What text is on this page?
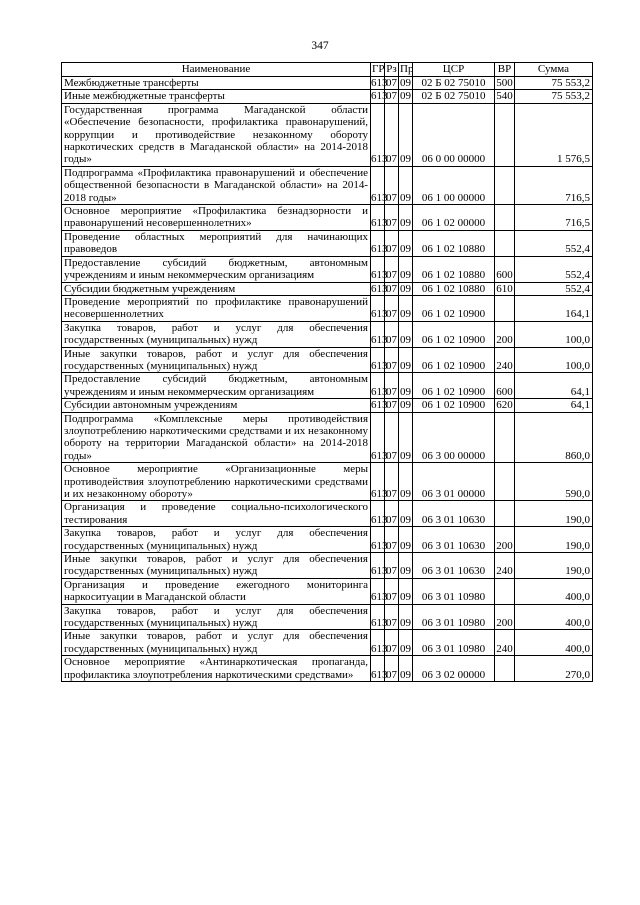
347
Наименование	ГР	Рз	Пр	ЦСР	ВР	Сумма
Межбюджетные трансферты	613	07	09	02 Б 02 75010	500	75 553,2
Иные межбюджетные трансферты	613	07	09	02 Б 02 75010	540	75 553,2
Государственная программа Магаданской области «Обеспечение безопасности, профилактика правонарушений, коррупции и противодействие незаконному обороту наркотических средств в Магаданской области» на 2014-2018 годы»	613	07	09	06 0 00 00000		1 576,5
Подпрограмма «Профилактика правонарушений и обеспечение общественной безопасности в Магаданской области» на 2014-2018 годы»	613	07	09	06 1 00 00000		716,5
Основное мероприятие «Профилактика безнадзорности и правонарушений несовершеннолетних»	613	07	09	06 1 02 00000		716,5
Проведение областных мероприятий для начинающих правоведов	613	07	09	06 1 02 10880		552,4
Предоставление субсидий бюджетным, автономным учреждениям и иным некоммерческим организациям	613	07	09	06 1 02 10880	600	552,4
Субсидии бюджетным учреждениям	613	07	09	06 1 02 10880	610	552,4
Проведение мероприятий по профилактике правонарушений несовершеннолетних	613	07	09	06 1 02 10900		164,1
Закупка товаров, работ и услуг для обеспечения государственных (муниципальных) нужд	613	07	09	06 1 02 10900	200	100,0
Иные закупки товаров, работ и услуг для обеспечения государственных (муниципальных) нужд	613	07	09	06 1 02 10900	240	100,0
Предоставление субсидий бюджетным, автономным учреждениям и иным некоммерческим организациям	613	07	09	06 1 02 10900	600	64,1
Субсидии автономным учреждениям	613	07	09	06 1 02 10900	620	64,1
Подпрограмма «Комплексные меры противодействия злоупотреблению наркотическими средствами и их незаконному обороту на территории Магаданской области» на 2014-2018 годы»	613	07	09	06 3 00 00000		860,0
Основное мероприятие «Организационные меры противодействия злоупотреблению наркотическими средствами и их незаконному обороту»	613	07	09	06 3 01 00000		590,0
Организация и проведение социально-психологического тестирования	613	07	09	06 3 01 10630		190,0
Закупка товаров, работ и услуг для обеспечения государственных (муниципальных) нужд	613	07	09	06 3 01 10630	200	190,0
Иные закупки товаров, работ и услуг для обеспечения государственных (муниципальных) нужд	613	07	09	06 3 01 10630	240	190,0
Организация и проведение ежегодного мониторинга наркоситуации в Магаданской области	613	07	09	06 3 01 10980		400,0
Закупка товаров, работ и услуг для обеспечения государственных (муниципальных) нужд	613	07	09	06 3 01 10980	200	400,0
Иные закупки товаров, работ и услуг для обеспечения государственных (муниципальных) нужд	613	07	09	06 3 01 10980	240	400,0
Основное мероприятие «Антинаркотическая пропаганда, профилактика злоупотребления наркотическими средствами»	613	07	09	06 3 02 00000		270,0
